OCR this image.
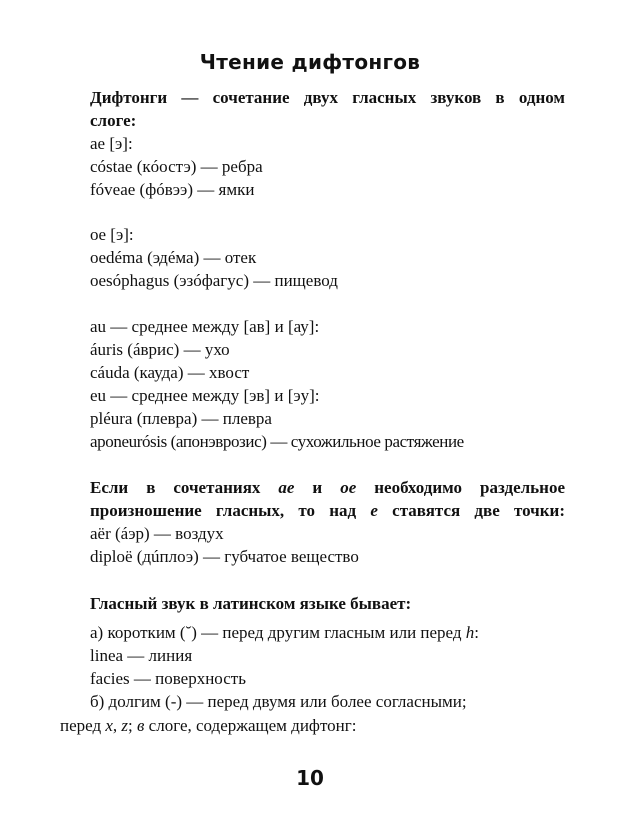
Чтение дифтонгов
Дифтонги — сочетание двух гласных звуков в одном
слоге:
ae [э]:
cóstae (кóостэ) — ребра
fóveae (фóвээ) — ямки
oe [э]:
oedéma (эдéма) — отек
oesóphagus (эзóфагус) — пищевод
au — среднее между [ав] и [ау]:
áuris (áврис) — ухо
cáuda (кауда) — хвост
eu — среднее между [эв] и [эу]:
pléura (плевра) — плевра
aponeurósis (апонэврозис) — сухожильное растяжение
Если в сочетаниях ae и oe необходимо раздельное
произношение гласных, то над e ставятся две точки:
aër (áэр) — воздух
diploë (дúплоэ) — губчатое вещество
Гласный звук в латинском языке бывает:
а) коротким (˘) — перед другим гласным или перед h:
linea — линия
facies — поверхность
б) долгим (-) — перед двумя или более согласными;
перед x, z; в слоге, содержащем дифтонг:
10
